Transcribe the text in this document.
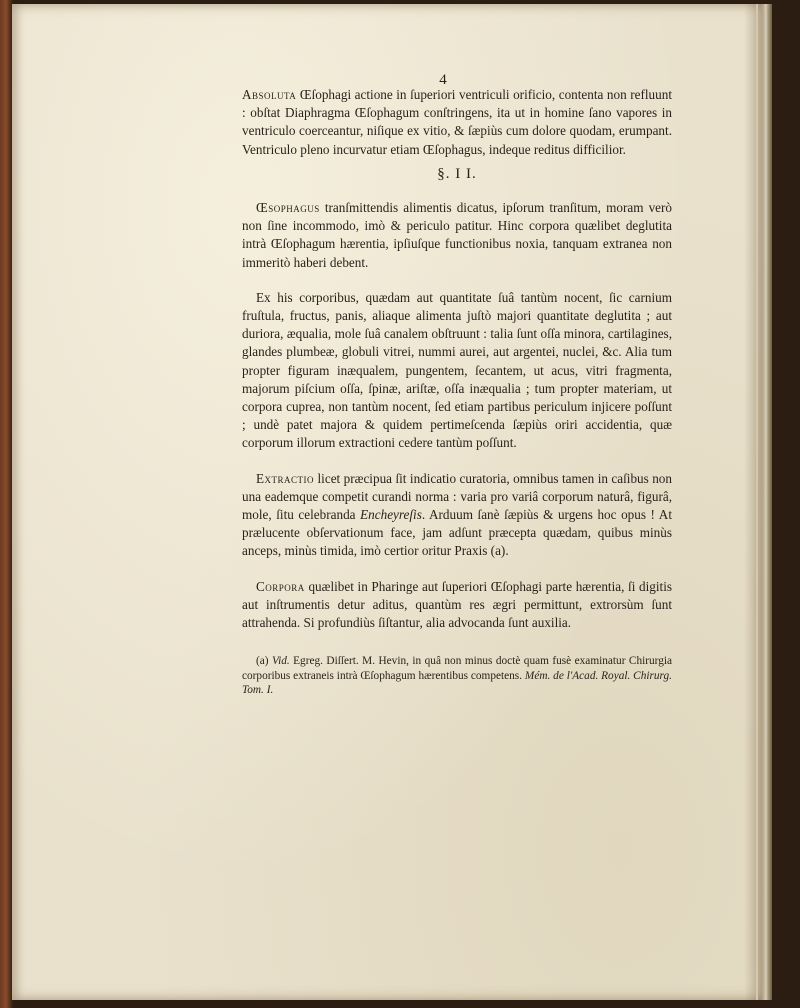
4

Absoluta Œſophagi actione in ſuperiori ventriculi orificio, contenta non refluunt : obſtat Diaphragma Œſophagum conſtringens, ita ut in homine ſano vapores in ventriculo coerceantur, niſique ex vitio, & ſæpiùs cum dolore quodam, erumpant. Ventriculo pleno incurvatur etiam Œſophagus, indeque reditus difficilior.

§. I I.

Œsophagus tranſmittendis alimentis dicatus, ipſorum tranſitum, moram verò non ſine incommodo, imò & periculo patitur. Hinc corpora quælibet deglutita intrà Œſophagum hærentia, ipſiuſque functionibus noxia, tanquam extranea non immeritò haberi debent.

Ex his corporibus, quædam aut quantitate ſuâ tantùm nocent, ſic carnium fruſtula, fructus, panis, aliaque alimenta juſtò majori quantitate deglutita ; aut duriora, æqualia, mole ſuâ canalem obſtruunt : talia ſunt oſſa minora, cartilagines, glandes plumbeæ, globuli vitrei, nummi aurei, aut argentei, nuclei, &c. Alia tum propter figuram inæqualem, pungentem, ſecantem, ut acus, vitri fragmenta, majorum piſcium oſſa, ſpinæ, ariſtæ, oſſa inæqualia ; tum propter materiam, ut corpora cuprea, non tantùm nocent, ſed etiam partibus periculum injicere poſſunt ; undè patet majora & quidem pertimeſcenda ſæpiùs oriri accidentia, quæ corporum illorum extractioni cedere tantùm poſſunt.

Extractio licet præcipua ſit indicatio curatoria, omnibus tamen in caſibus non una eademque competit curandi norma : varia pro variâ corporum naturâ, figurâ, mole, ſitu celebranda Encheyreſis. Arduum ſanè ſæpiùs & urgens hoc opus ! At prælucente obſervationum face, jam adſunt præcepta quædam, quibus minùs anceps, minùs timida, imò certior oritur Praxis (a).

Corpora quælibet in Pharinge aut ſuperiori Œſophagi parte hærentia, ſi digitis aut inſtrumentis detur aditus, quantùm res ægri permittunt, extrorsùm ſunt attrahenda. Si profundiùs ſiſtantur, alia advocanda ſunt auxilia.

(a) Vid. Egreg. Diſſert. M. Hevin, in quâ non minus doctè quam fusè examinatur Chirurgia corporibus extraneis intrà Œſophagum hærentibus competens. Mém. de l'Acad. Royal. Chirurg. Tom. I.
